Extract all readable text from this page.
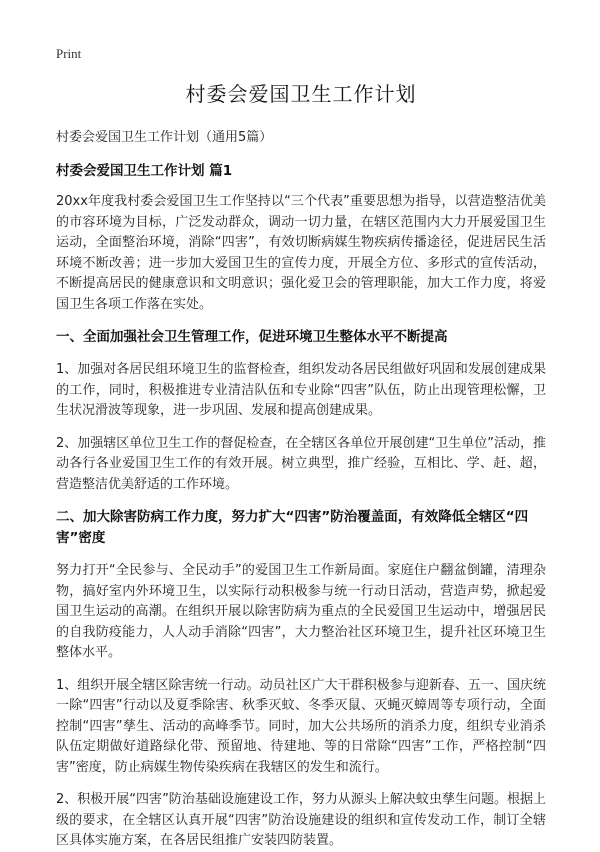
Print
村委会爱国卫生工作计划

村委会爱国卫生工作计划（通用5篇）

村委会爱国卫生工作计划 篇1

20xx年度我村委会爱国卫生工作坚持以“三个代表”重要思想为指导，以营造整洁优美的市容环境为目标，广泛发动群众，调动一切力量，在辖区范围内大力开展爱国卫生运动，全面整治环境，消除“四害”，有效切断病媒生物疾病传播途径，促进居民生活环境不断改善；进一步加大爱国卫生的宣传力度，开展全方位、多形式的宣传活动，不断提高居民的健康意识和文明意识；强化爱卫会的管理职能，加大工作力度，将爱国卫生各项工作落在实处。

一、全面加强社会卫生管理工作，促进环境卫生整体水平不断提高

1、加强对各居民组环境卫生的监督检查，组织发动各居民组做好巩固和发展创建成果的工作，同时，积极推进专业清洁队伍和专业除“四害”队伍，防止出现管理松懈，卫生状况滑波等现象，进一步巩固、发展和提高创建成果。

2、加强辖区单位卫生工作的督促检查，在全辖区各单位开展创建“卫生单位”活动，推动各行各业爱国卫生工作的有效开展。树立典型，推广经验，互相比、学、赶、超，营造整洁优美舒适的工作环境。

二、加大除害防病工作力度，努力扩大“四害”防治覆盖面，有效降低全辖区“四害”密度

努力打开“全民参与、全民动手”的爱国卫生工作新局面。家庭住户翻盆倒罐，清理杂物，搞好室内外环境卫生，以实际行动积极参与统一行动日活动，营造声势，掀起爱国卫生运动的高潮。在组织开展以除害防病为重点的全民爱国卫生运动中，增强居民的自我防疫能力，人人动手消除“四害”，大力整治社区环境卫生，提升社区环境卫生整体水平。

1、组织开展全辖区除害统一行动。动员社区广大干群积极参与迎新春、五一、国庆统一除“四害”行动以及夏季除害、秋季灭蚊、冬季灭鼠、灭蝇灭蟑周等专项行动，全面控制“四害”孳生、活动的高峰季节。同时，加大公共场所的消杀力度，组织专业消杀队伍定期做好道路绿化带、预留地、待建地、等的日常除“四害”工作，严格控制“四害”密度，防止病媒生物传染疾病在我辖区的发生和流行。

2、积极开展“四害”防治基础设施建设工作，努力从源头上解决蚊虫孳生问题。根据上级的要求，在全辖区认真开展“四害”防治设施建设的组织和宣传发动工作，制订全辖区具体实施方案，在各居民组推广安装四防装置。
